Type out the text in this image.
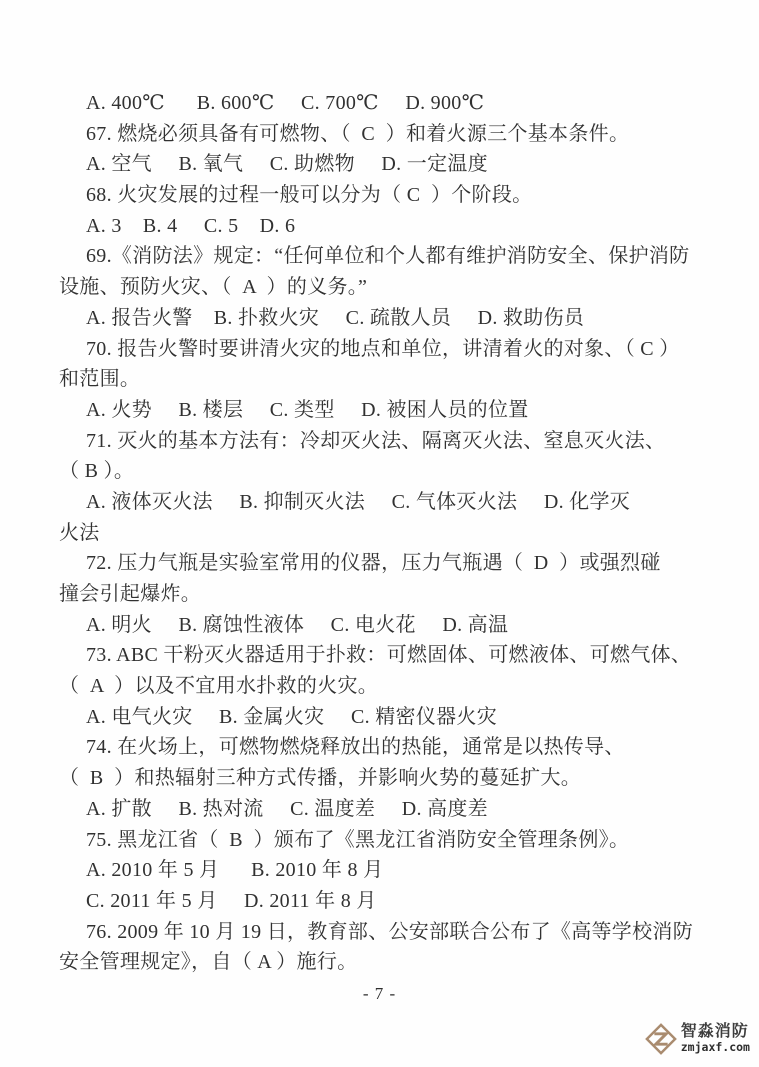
A. 400℃      B. 600℃     C. 700℃     D. 900℃
67. 燃烧必须具备有可燃物、（  C  ）和着火源三个基本条件。
A. 空气     B. 氧气     C. 助燃物     D. 一定温度
68. 火灾发展的过程一般可以分为（ C  ）个阶段。
A. 3    B. 4     C. 5    D. 6
69.《消防法》规定：“任何单位和个人都有维护消防安全、保护消防
设施、预防火灾、（  A  ）的义务。”
A. 报告火警    B. 扑救火灾     C. 疏散人员     D. 救助伤员
70. 报告火警时要讲清火灾的地点和单位，讲清着火的对象、（ C ）
和范围。
A. 火势     B. 楼层     C. 类型     D. 被困人员的位置
71. 灭火的基本方法有：冷却灭火法、隔离灭火法、窒息灭火法、
（ B ）。
A. 液体灭火法     B. 抑制灭火法     C. 气体灭火法     D. 化学灭
火法
72. 压力气瓶是实验室常用的仪器，压力气瓶遇（  D  ）或强烈碰
撞会引起爆炸。
A. 明火     B. 腐蚀性液体     C. 电火花     D. 高温
73. ABC 干粉灭火器适用于扑救：可燃固体、可燃液体、可燃气体、
（  A  ）以及不宜用水扑救的火灾。
A. 电气火灾     B. 金属火灾     C. 精密仪器火灾
74. 在火场上，可燃物燃烧释放出的热能，通常是以热传导、
（  B  ）和热辐射三种方式传播，并影响火势的蔓延扩大。
A. 扩散     B. 热对流     C. 温度差     D. 高度差
75. 黑龙江省（  B  ）颁布了《黑龙江省消防安全管理条例》。
A. 2010 年 5 月      B. 2010 年 8 月
C. 2011 年 5 月     D. 2011 年 8 月
76. 2009 年 10 月 19 日，教育部、公安部联合公布了《高等学校消防
安全管理规定》，自（ A ）施行。
- 7 -
智淼消防
zmjaxf.com
